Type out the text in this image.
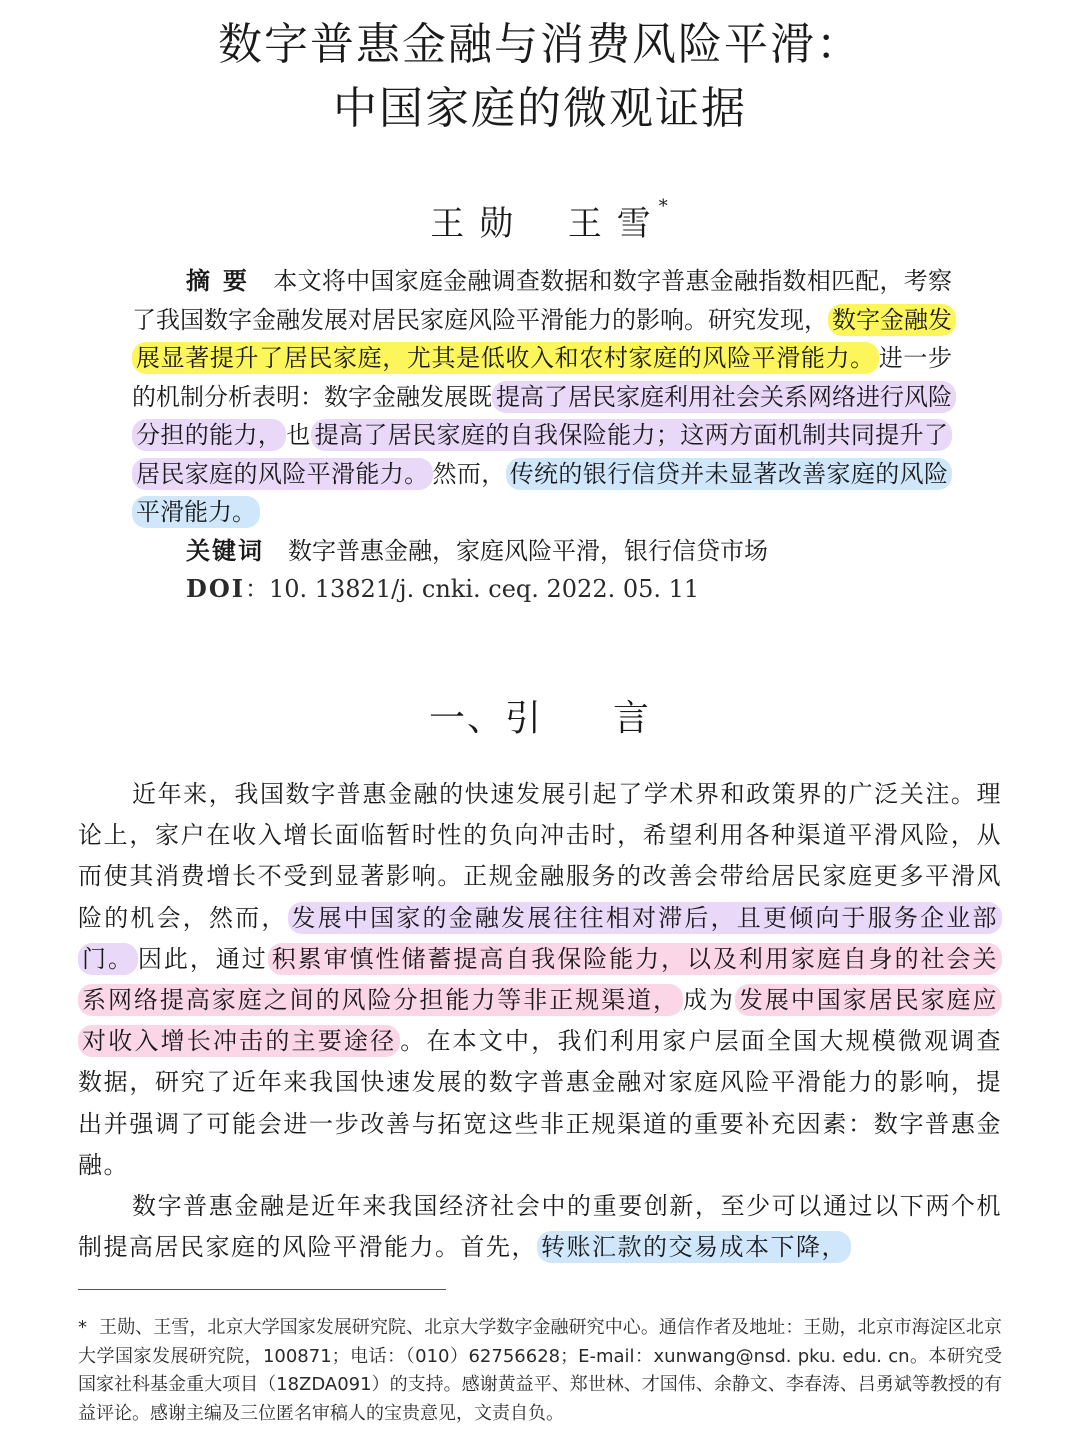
数字普惠金融与消费风险平滑：
中国家庭的微观证据
王 勋 王 雪 *

摘 要　 本文将中国家庭金融调查数据和数字普惠金融指数相匹配，考察了我国数字金融发展对居民家庭风险平滑能力的影响。研究发现， 数字金融发展显著提升了居民家庭，尤其是低收入和农村家庭的风险平滑能力。 进一步的机制分析表明：数字金融发展既 提高了居民家庭利用社会关系网络进行风险分担的能力， 也 提高了居民家庭的自我保险能力；这两方面机制共同提升了居民家庭的风险平滑能力。 然而， 传统的银行信贷并未显著改善家庭的风险平滑能力。

关键词　 数字普惠金融，家庭风险平滑，银行信贷市场

DOI：10. 13821/j. cnki. ceq. 2022. 05. 11

一、引 言

近年来，我国数字普惠金融的快速发展引起了学术界和政策界的广泛关注。理论上，家户在收入增长面临暂时性的负向冲击时，希望利用各种渠道平滑风险，从而使其消费增长不受到显著影响。正规金融服务的改善会带给居民家庭更多平滑风险的机会，然而， 发展中国家的金融发展往往相对滞后，且更倾向于服务企业部门。 因此，通过 积累审慎性储蓄提高自我保险能力，以及利用家庭自身的社会关系网络提高家庭之间的风险分担能力等非正规渠道， 成为 发展中国家居民家庭应对收入增长冲击的主要途径 。在本文中，我们利用家户层面全国大规模微观调查数据，研究了近年来我国快速发展的数字普惠金融对家庭风险平滑能力的影响，提出并强调了可能会进一步改善与拓宽这些非正规渠道的重要补充因素：数字普惠金融。

数字普惠金融是近年来我国经济社会中的重要创新，至少可以通过以下两个机制提高居民家庭的风险平滑能力。首先， 转账汇款的交易成本下降，

* 王勋、王雪，北京大学国家发展研究院、北京大学数字金融研究中心。通信作者及地址：王勋，北京市海淀区北京大学国家发展研究院，100871；电话：（010）62756628；E-mail：xunwang@nsd. pku. edu. cn。本研究受国家社科基金重大项目（18ZDA091）的支持。感谢黄益平、郑世林、才国伟、余静文、李春涛、吕勇斌等教授的有益评论。感谢主编及三位匿名审稿人的宝贵意见，文责自负。
